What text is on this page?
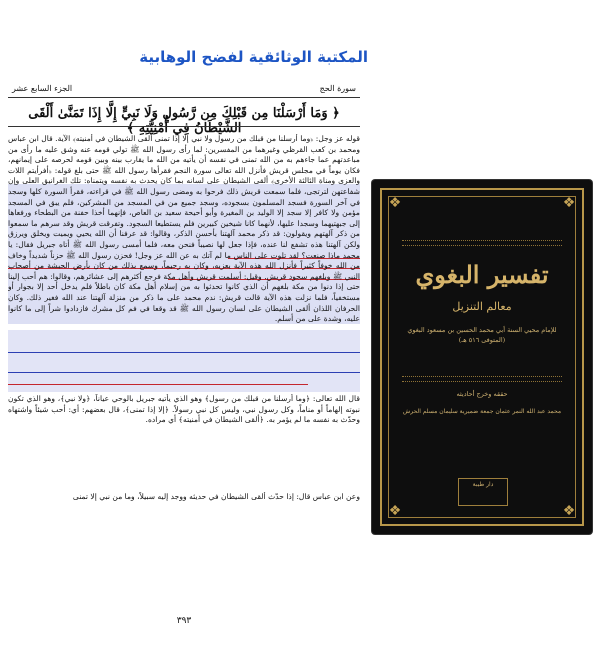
المكتبة الوثائقية لفضح الوهابية
سورة الحج
الجزء السابع عشر
﴿ وَمَا أَرْسَلْنَا مِن قَبْلِكَ مِن رَّسُولٍ وَلَا نَبِيٍّ إِلَّا إِذَا تَمَنَّىٰ أَلْقَى الشَّيْطَانُ فِي أُمْنِيَّتِهِ ﴾
قوله عز وجل: ﴿وما أرسلنا من قبلك من رسول ولا نبي إلا إذا تمنى ألقى الشيطان في أمنيته﴾ الآية. قال ابن عباس ومحمد بن كعب القرظي وغيرهما من المفسرين: لما رأى رسول الله ﷺ تولي قومه عنه وشق عليه ما رأى من مباعدتهم عما جاءهم به من الله تمنى في نفسه أن يأتيه من الله ما يقارب بينه وبين قومه لحرصه على إيمانهم، فكان يوماً في مجلس قريش فأنزل الله تعالى سورة النجم فقرأها رسول الله ﷺ حتى بلغ قوله: ﴿أفرأيتم اللات والعزى ومناة الثالثة الأخرى﴾ ألقى الشيطان على لسانه بما كان يحدث به نفسه ويتمناه: تلك الغرانيق العلى وإن شفاعتهن لترتجى، فلما سمعت قريش ذلك فرحوا به ومضى رسول الله ﷺ في قراءته، فقرأ السورة كلها وسجد في آخر السورة فسجد المسلمون بسجوده، وسجد جميع من في المسجد من المشركين، فلم يبق في المسجد مؤمن ولا كافر إلا سجد إلا الوليد بن المغيرة وأبو أحيحة سعيد بن العاص، فإنهما أخذا حفنة من البطحاء ورفعاها إلى جبهتيهما وسجدا عليها، لأنهما كانا شيخين كبيرين فلم يستطيعا السجود. وتفرقت قريش وقد سرهم ما سمعوا من ذكر آلهتهم ويقولون: قد ذكر محمد آلهتنا بأحسن الذكر، وقالوا: قد عرفنا أن الله يحيي ويميت ويخلق ويرزق ولكن آلهتنا هذه تشفع لنا عنده، فإذا جعل لها نصيباً فنحن معه، فلما أمسى رسول الله ﷺ أتاه جبريل فقال: يا محمد ماذا صنعت؟ لقد تلوت على الناس ما لم آتك به عن الله عز وجل! فحزن رسول الله ﷺ حزناً شديداً وخاف من الله خوفاً كثيراً فأنزل الله هذه الآية يعزيه، وكان به رحيماً، وسمع بذلك من كان بأرض الحبشة من أصحاب النبي ﷺ وبلغهم سجود قريش. وقيل: أسلمت قريش وأهل مكة فرجع أكثرهم إلى عشائرهم، وقالوا: هم أحب إلينا حتى إذا دنوا من مكة بلغهم أن الذي كانوا تحدثوا به من إسلام أهل مكة كان باطلاً فلم يدخل أحد إلا بجوار أو مستخفياً، فلما نزلت هذه الآية قالت قريش: ندم محمد على ما ذكر من منزلة آلهتنا عند الله فغير ذلك. وكان الحرفان اللذان ألقى الشيطان على لسان رسول الله ﷺ قد وقعا في فم كل مشرك فازدادوا شراً إلى ما كانوا عليه، وشدة على من أسلم.
قال الله تعالى: ﴿وما أرسلنا من قبلك من رسول﴾ وهو الذي يأتيه جبريل بالوحي عياناً، ﴿ولا نبي﴾، وهو الذي تكون نبوته إلهاماً أو مناماً، وكل رسول نبي، وليس كل نبي رسولاً. ﴿إلا إذا تمنى﴾، قال بعضهم: أي: أحب شيئاً واشتهاه وحدّث به نفسه ما لم يؤمر به. ﴿ألقى الشيطان في أمنيته﴾ أي مراده.
وعن ابن عباس قال: إذا حدّث ألقى الشيطان في حديثه ووجد إليه سبيلاً، وما من نبي إلا تمنى
٣٩٣
❖	❖
❖	❖
تفسير البغوي
معالم التنزيل
للإمام محيي السنة أبي محمد الحسين بن مسعود البغوي (المتوفى ٥١٦ هـ)
حققه وخرج أحاديثه
محمد عبد الله النمر عثمان جمعة ضميرية سليمان مسلم الحرش
دار طيبة
